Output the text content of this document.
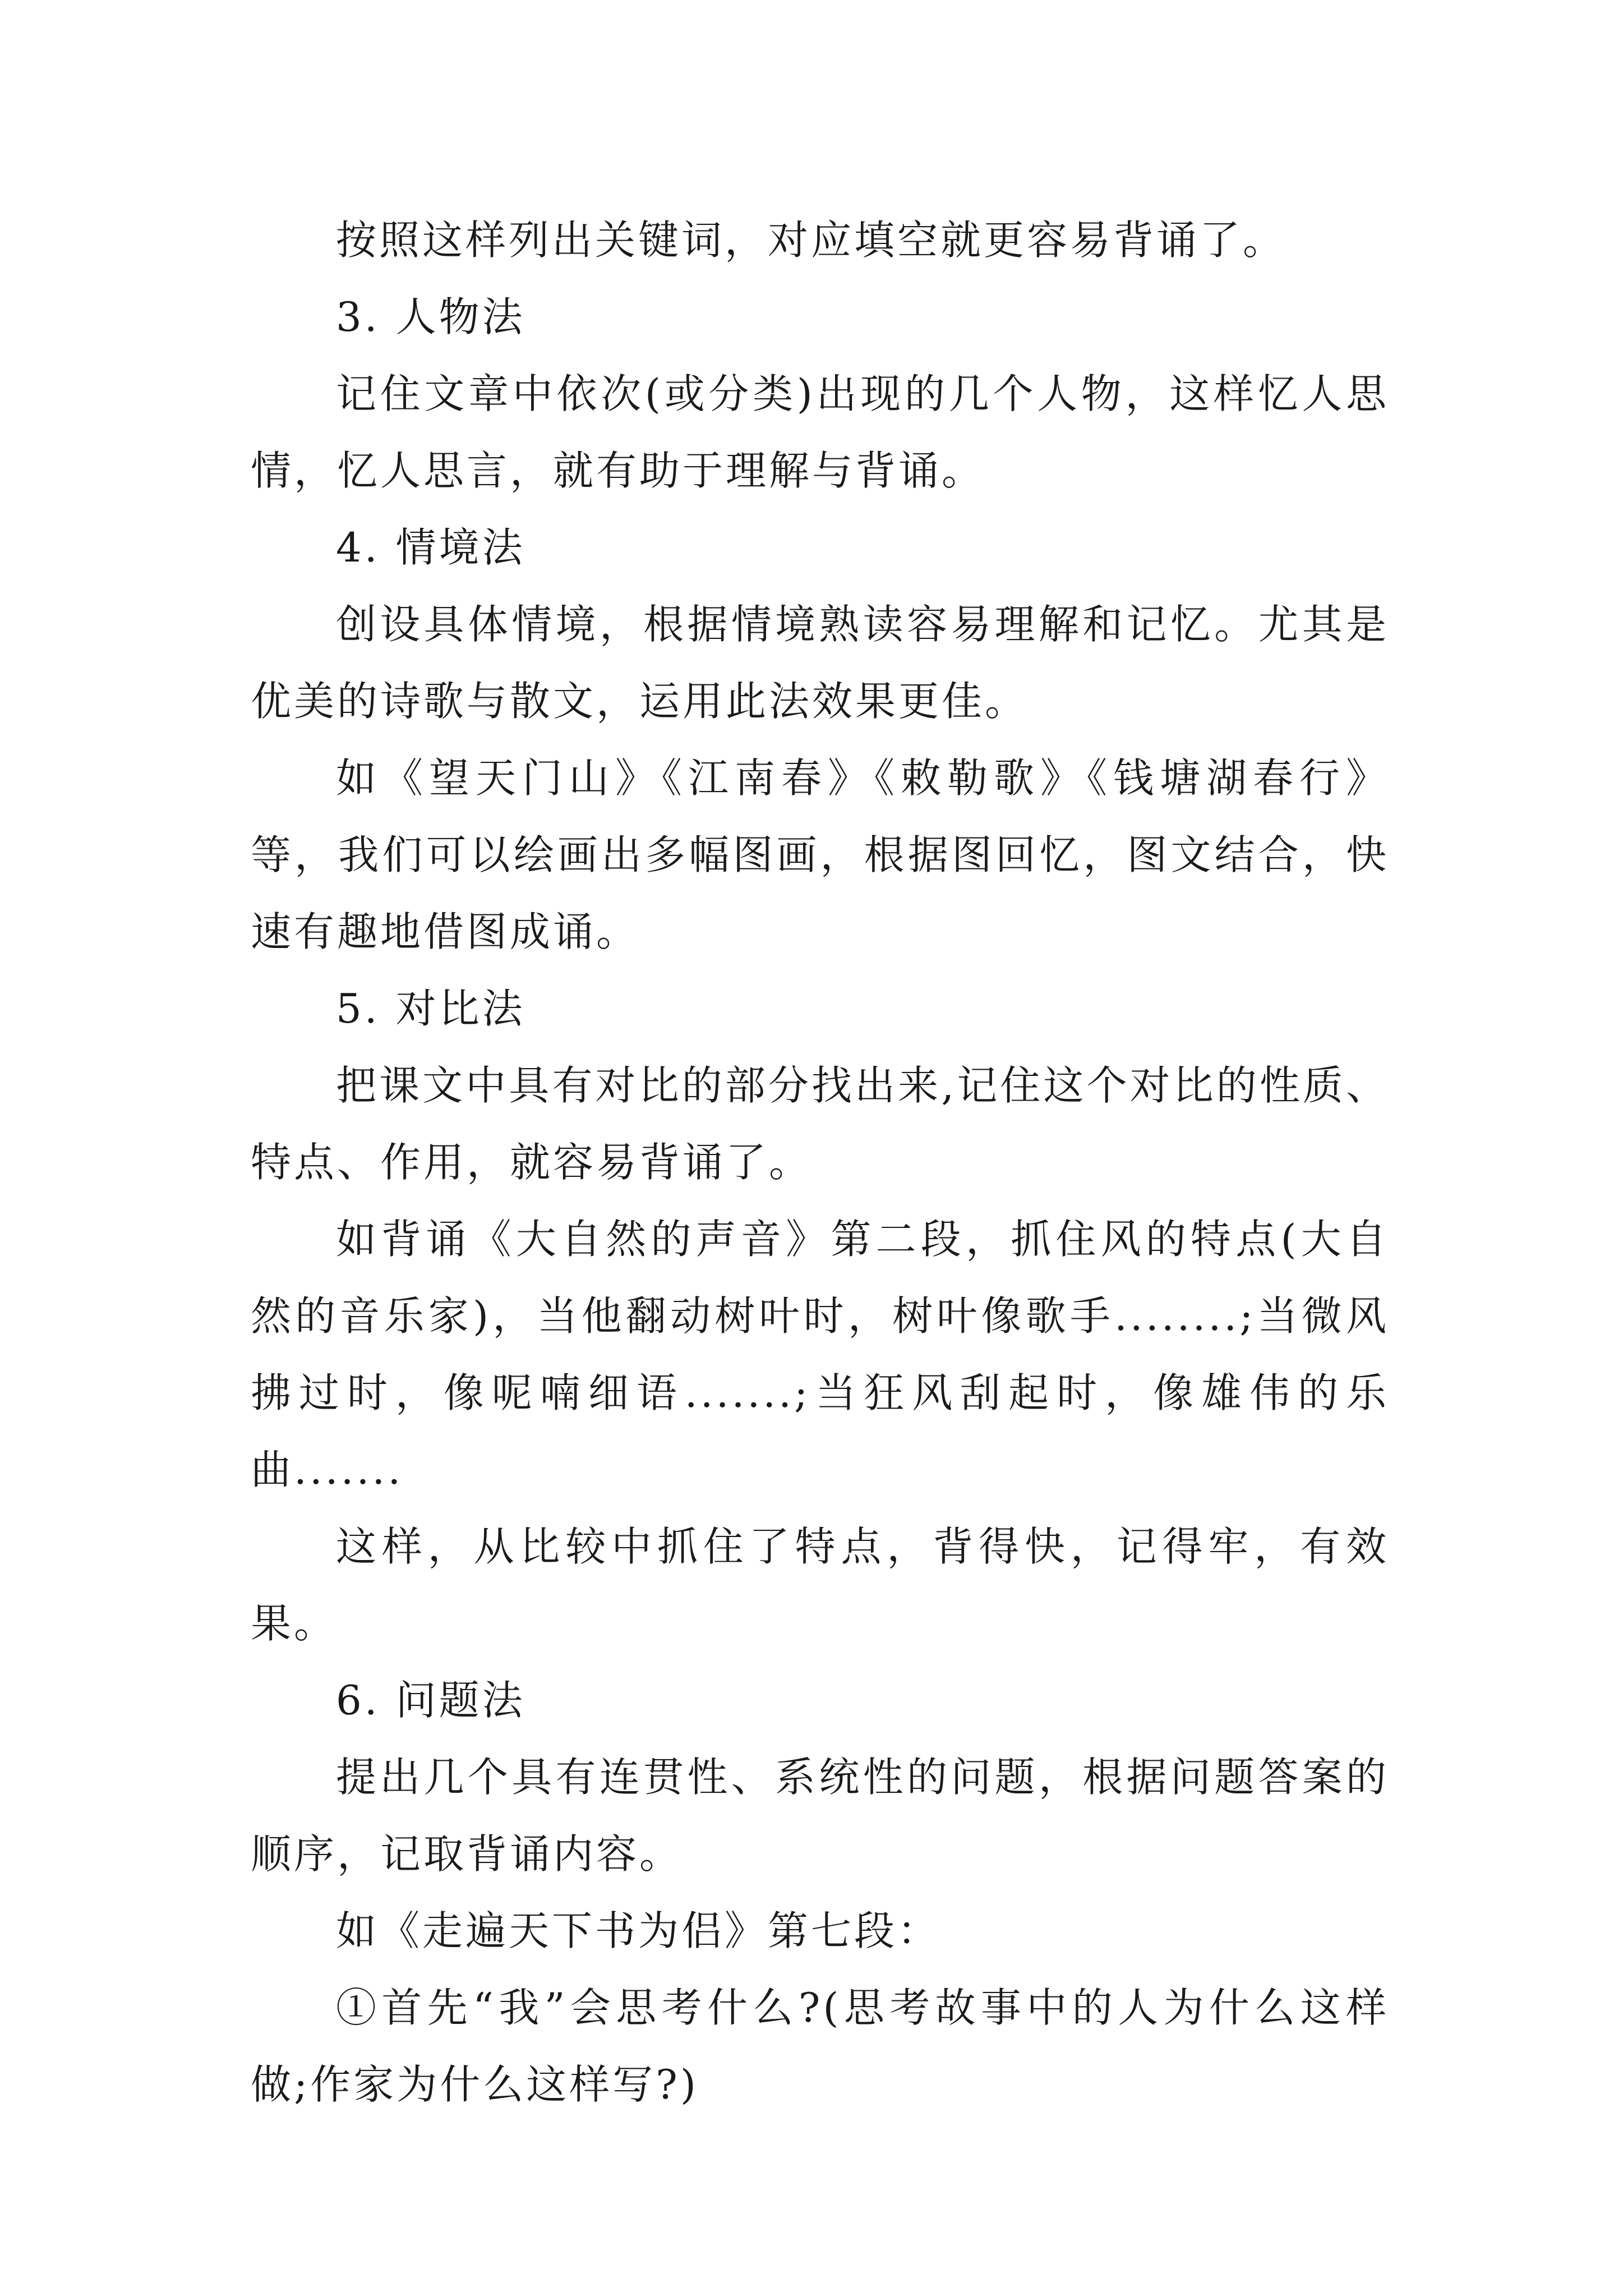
按照这样列出关键词，对应填空就更容易背诵了。

3. 人物法

记住文章中依次(或分类)出现的几个人物，这样忆人思情，忆人思言，就有助于理解与背诵。

4. 情境法

创设具体情境，根据情境熟读容易理解和记忆。尤其是优美的诗歌与散文，运用此法效果更佳。

如《望天门山》《江南春》《敕勒歌》《钱塘湖春行》等，我们可以绘画出多幅图画，根据图回忆，图文结合，快速有趣地借图成诵。

5. 对比法

把课文中具有对比的部分找出来,记住这个对比的性质、特点、作用，就容易背诵了。

如背诵《大自然的声音》第二段，抓住风的特点(大自然的音乐家)，当他翻动树叶时，树叶像歌手........;当微风拂过时，像呢喃细语.......;当狂风刮起时，像雄伟的乐曲.......

这样，从比较中抓住了特点，背得快，记得牢，有效果。

6. 问题法

提出几个具有连贯性、系统性的问题，根据问题答案的顺序，记取背诵内容。

如《走遍天下书为侣》第七段：

①首先“我”会思考什么?(思考故事中的人为什么这样做;作家为什么这样写?)
